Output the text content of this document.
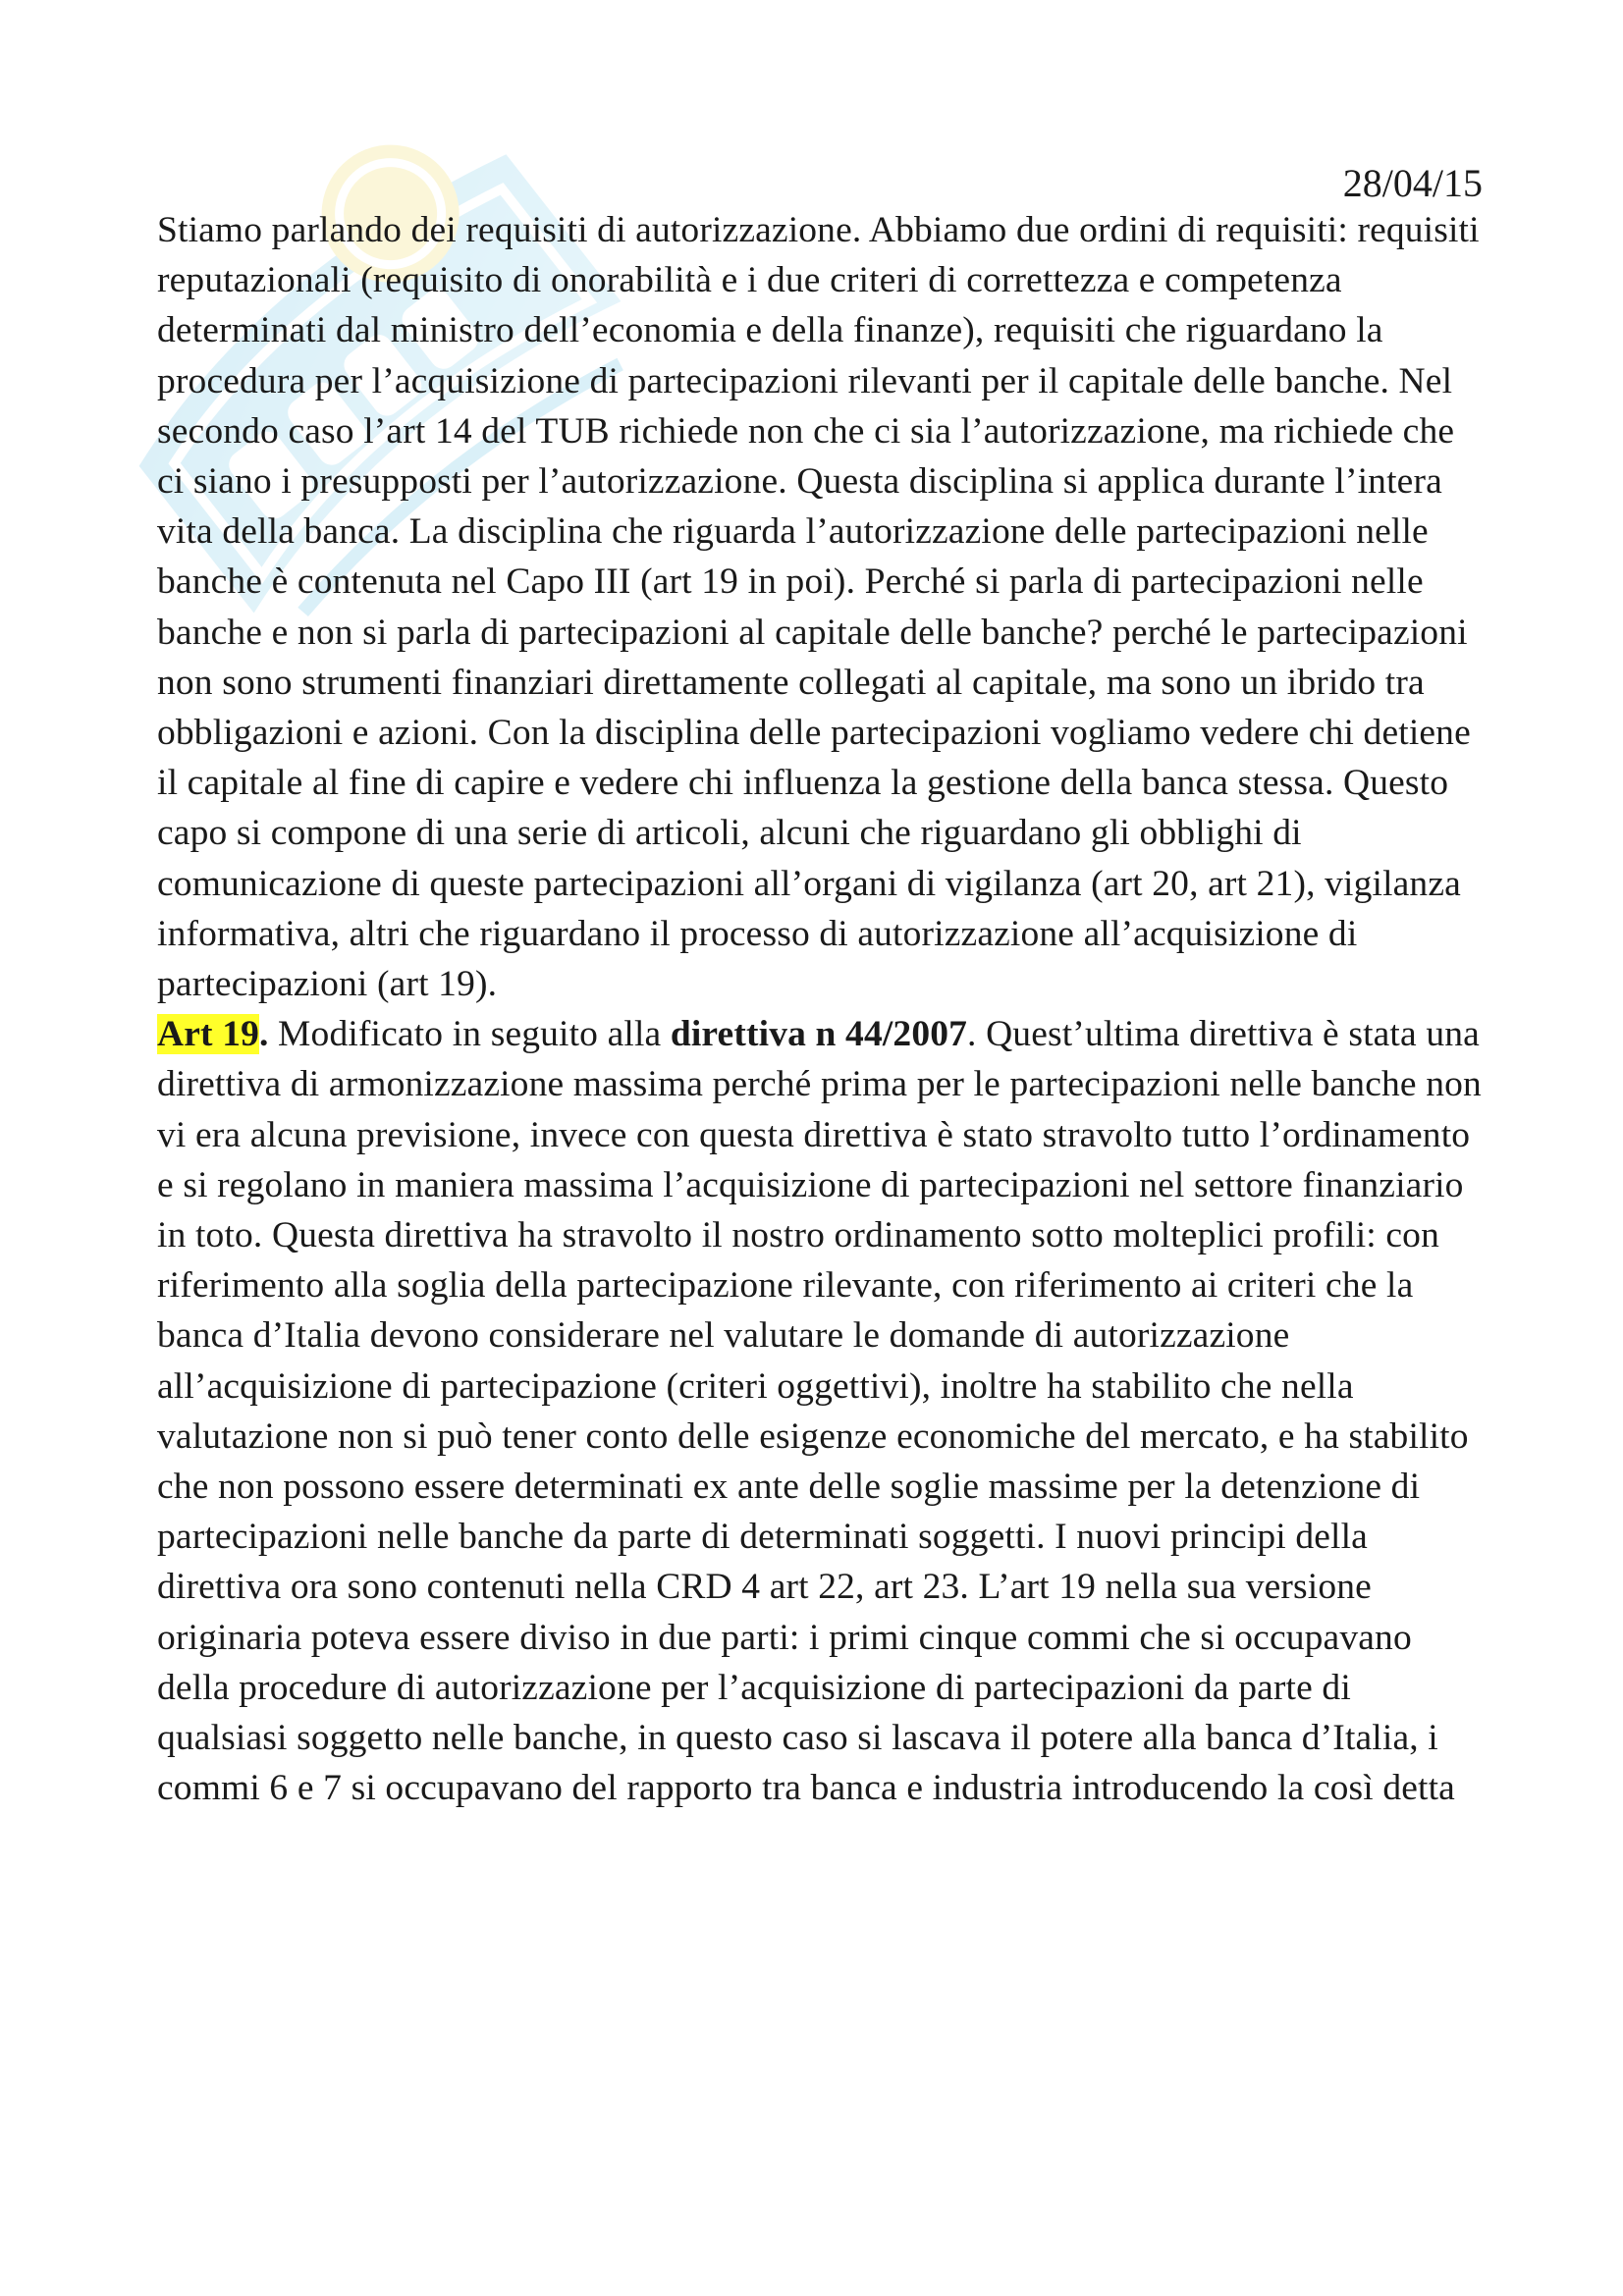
28/04/15

Stiamo parlando dei requisiti di autorizzazione. Abbiamo due ordini di requisiti: requisiti reputazionali (requisito di onorabilità e i due criteri di correttezza e competenza determinati dal ministro dell’economia e della finanze), requisiti che riguardano la procedura per l’acquisizione di partecipazioni rilevanti per il capitale delle banche. Nel secondo caso l’art 14 del TUB richiede non che ci sia l’autorizzazione, ma richiede che ci siano i presupposti per l’autorizzazione. Questa disciplina si applica durante l’intera vita della banca. La disciplina che riguarda l’autorizzazione delle partecipazioni nelle banche è contenuta nel Capo III (art 19 in poi). Perché si parla di partecipazioni nelle banche e non si parla di partecipazioni al capitale delle banche? perché le partecipazioni non sono strumenti finanziari direttamente collegati al capitale, ma sono un ibrido tra obbligazioni e azioni. Con la disciplina delle partecipazioni vogliamo vedere chi detiene il capitale al fine di capire e vedere chi influenza la gestione della banca stessa. Questo capo si compone di una serie di articoli, alcuni che riguardano gli obblighi di comunicazione di queste partecipazioni all’organi di vigilanza (art 20, art 21), vigilanza informativa, altri che riguardano il processo di autorizzazione all’acquisizione di partecipazioni (art 19).

Art 19. Modificato in seguito alla direttiva n 44/2007. Quest’ultima direttiva è stata una direttiva di armonizzazione massima perché prima per le partecipazioni nelle banche non vi era alcuna previsione, invece con questa direttiva è stato stravolto tutto l’ordinamento e si regolano in maniera massima l’acquisizione di partecipazioni nel settore finanziario in toto. Questa direttiva ha stravolto il nostro ordinamento sotto molteplici profili: con riferimento alla soglia della partecipazione rilevante, con riferimento ai criteri che la banca d’Italia devono considerare nel valutare le domande di autorizzazione all’acquisizione di partecipazione (criteri oggettivi), inoltre ha stabilito che nella valutazione non si può tener conto delle esigenze economiche del mercato, e ha stabilito che non possono essere determinati ex ante delle soglie massime per la detenzione di partecipazioni nelle banche da parte di determinati soggetti. I nuovi principi della direttiva ora sono contenuti nella CRD 4 art 22, art 23. L’art 19 nella sua versione originaria poteva essere diviso in due parti: i primi cinque commi che si occupavano della procedure di autorizzazione per l’acquisizione di partecipazioni da parte di qualsiasi soggetto nelle banche, in questo caso si lascava il potere alla banca d’Italia, i commi 6 e 7 si occupavano del rapporto tra banca e industria introducendo la così detta
